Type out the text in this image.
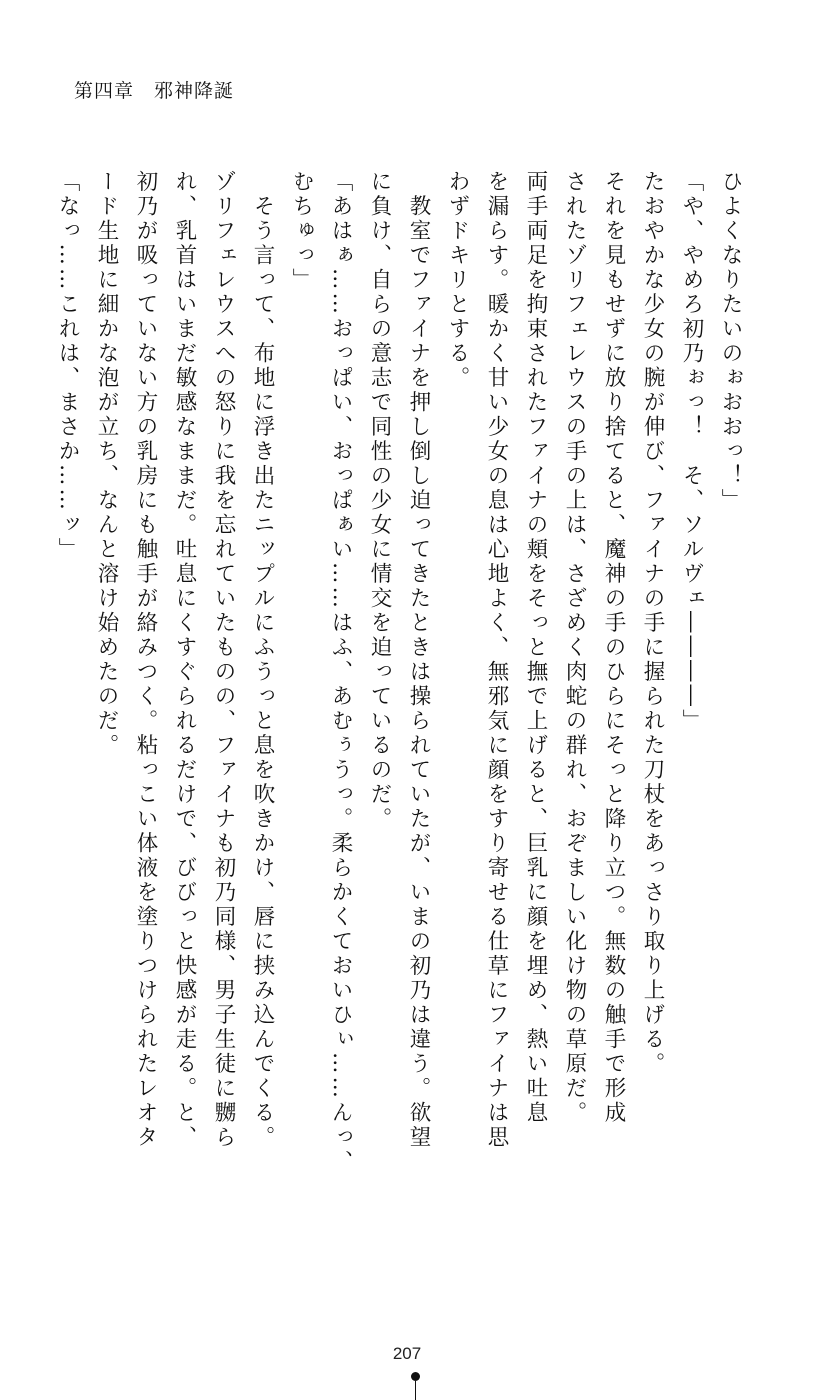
第四章　 邪神降誕

ひよくなりたいのぉおおっ！」

「や、やめろ初乃ぉっ！　そ、ソルヴェ――――」

たおやかな少女の腕が伸び、ファイナの手に握られた刀杖をあっさり取り上げる。

それを見もせずに放り捨てると、魔神の手のひらにそっと降り立つ。無数の触手で形成

されたゾリフェレウスの手の上は、さざめく肉蛇の群れ、おぞましい化け物の草原だ。

両手両足を拘束されたファイナの頬をそっと撫で上げると、巨乳に顔を埋め、熱い吐息

を漏らす。暖かく甘い少女の息は心地よく、無邪気に顔をすり寄せる仕草にファイナは思

わずドキリとする。

　教室でファイナを押し倒し迫ってきたときは操られていたが、いまの初乃は違う。欲望

に負け、自らの意志で同性の少女に情交を迫っているのだ。

「あはぁ……おっぱい、おっぱぁい……はふ、あむぅうっ。柔らかくておいひぃ……んっ、

むちゅっ」

　そう言って、布地に浮き出たニップルにふうっと息を吹きかけ、唇に挟み込んでくる。

ゾリフェレウスへの怒りに我を忘れていたものの、ファイナも初乃同様、男子生徒に嬲ら

れ、乳首はいまだ敏感なままだ。吐息にくすぐられるだけで、びびっと快感が走る。と、

初乃が吸っていない方の乳房にも触手が絡みつく。粘っこい体液を塗りつけられたレオタ

ード生地に細かな泡が立ち、なんと溶け始めたのだ。

「なっ……これは、まさか……ッ」

207
